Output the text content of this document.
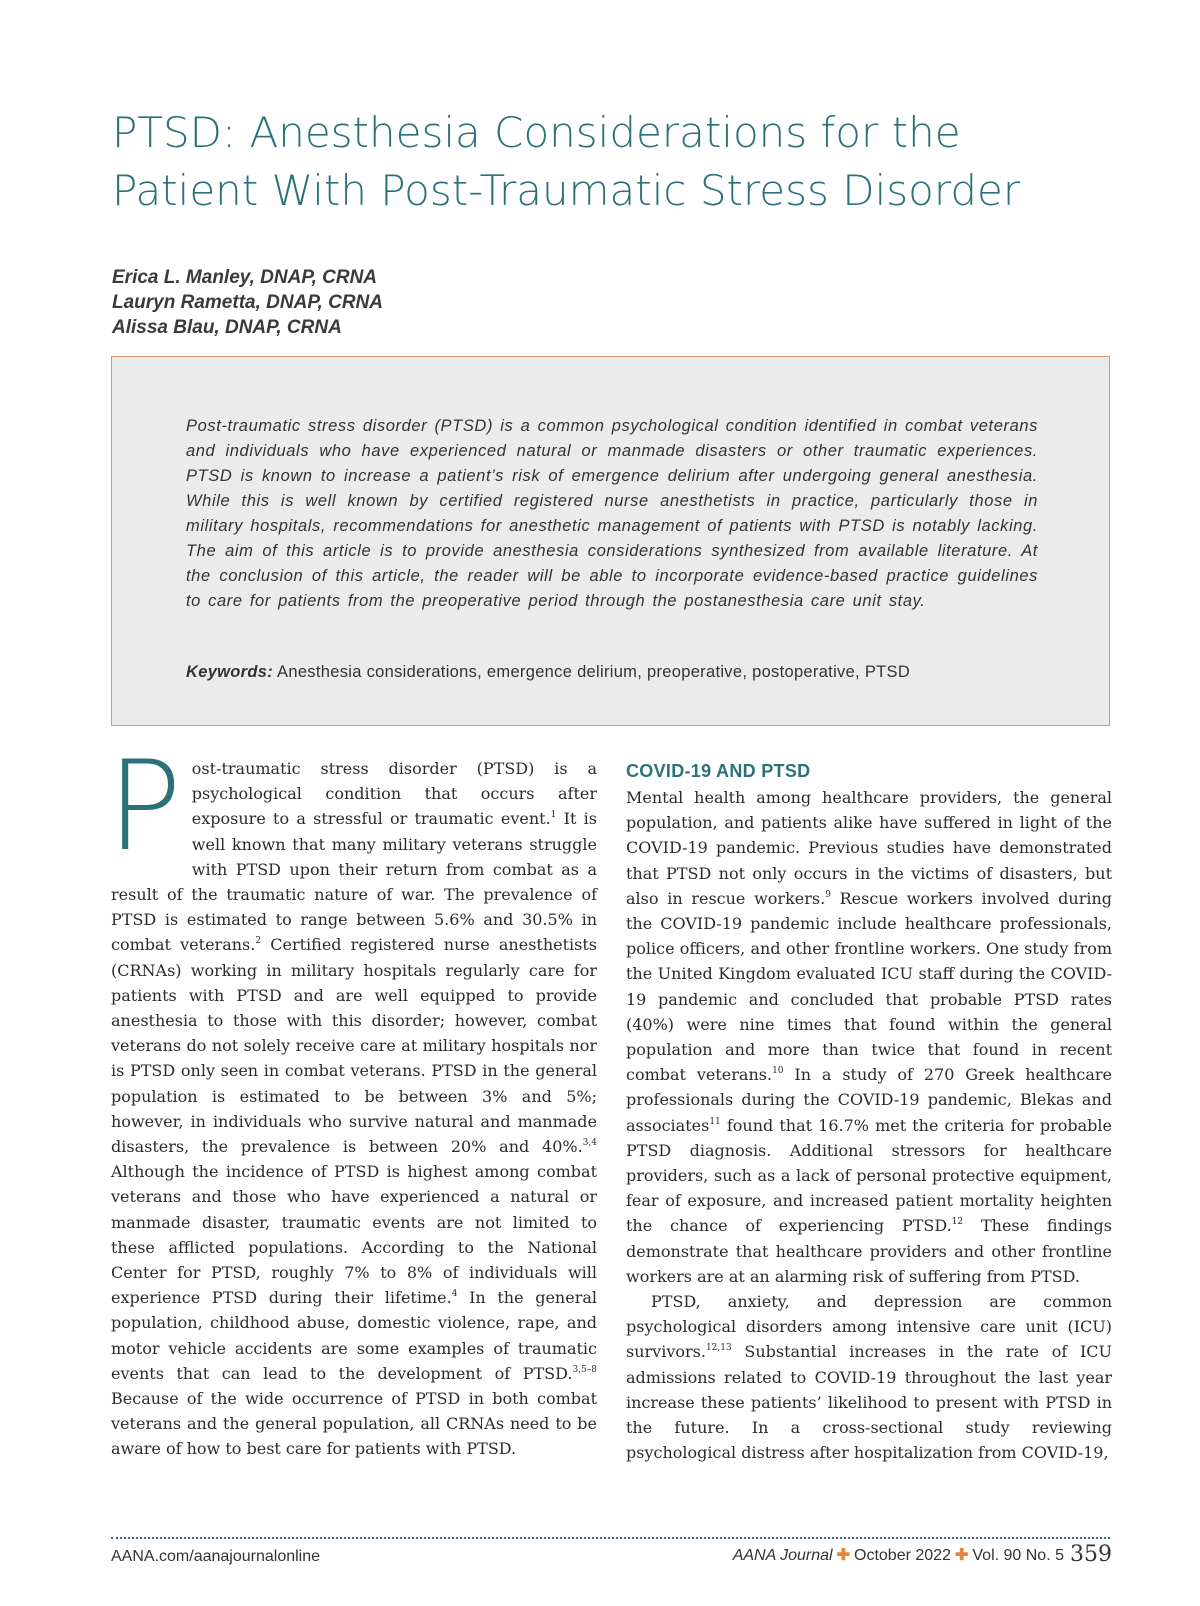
PTSD: Anesthesia Considerations for the
Patient With Post-Traumatic Stress Disorder
Erica L. Manley, DNAP, CRNA
Lauryn Rametta, DNAP, CRNA
Alissa Blau, DNAP, CRNA

Post-traumatic stress disorder (PTSD) is a common psychological condition identified in combat veterans and individuals who have experienced natural or manmade disasters or other traumatic experiences. PTSD is known to increase a patient’s risk of emergence delirium after undergoing general anesthesia. While this is well known by certified registered nurse anesthetists in practice, particularly those in military hospitals, recommendations for anesthetic management of patients with PTSD is notably lacking. The aim of this article is to provide anesthesia considerations synthesized from available literature. At the conclusion of this article, the reader will be able to incorporate evidence-based practice guidelines to care for patients from the preoperative period through the postanesthesia care unit stay.

Keywords: Anesthesia considerations, emergence delirium, preoperative, postoperative, PTSD

Post-traumatic stress disorder (PTSD) is a psychological condition that occurs after exposure to a stressful or traumatic event.$^1$ It is well known that many military veterans struggle with PTSD upon their return from combat as a result of the traumatic nature of war. The prevalence of PTSD is estimated to range between 5.6% and 30.5% in combat veterans.$^2$ Certified registered nurse anesthetists (CRNAs) working in military hospitals regularly care for patients with PTSD and are well equipped to provide anesthesia to those with this disorder; however, combat veterans do not solely receive care at military hospitals nor is PTSD only seen in combat veterans. PTSD in the general population is estimated to be between 3% and 5%; however, in individuals who survive natural and manmade disasters, the prevalence is between 20% and 40%.$^{3,4}$ Although the incidence of PTSD is highest among combat veterans and those who have experienced a natural or manmade disaster, traumatic events are not limited to these afflicted populations. According to the National Center for PTSD, roughly 7% to 8% of individuals will experience PTSD during their lifetime.$^4$ In the general population, childhood abuse, domestic violence, rape, and motor vehicle accidents are some examples of traumatic events that can lead to the development of PTSD.$^{3,5-8}$ Because of the wide occurrence of PTSD in both combat veterans and the general population, all CRNAs need to be aware of how to best care for patients with PTSD.

COVID-19 AND PTSD

Mental health among healthcare providers, the general population, and patients alike have suffered in light of the COVID-19 pandemic. Previous studies have demonstrated that PTSD not only occurs in the victims of disasters, but also in rescue workers.$^9$ Rescue workers involved during the COVID-19 pandemic include healthcare professionals, police officers, and other frontline workers. One study from the United Kingdom evaluated ICU staff during the COVID-19 pandemic and concluded that probable PTSD rates (40%) were nine times that found within the general population and more than twice that found in recent combat veterans.$^{10}$ In a study of 270 Greek healthcare professionals during the COVID-19 pandemic, Blekas and associates$^{11}$ found that 16.7% met the criteria for probable PTSD diagnosis. Additional stressors for healthcare providers, such as a lack of personal protective equipment, fear of exposure, and increased patient mortality heighten the chance of experiencing PTSD.$^{12}$ These findings demonstrate that healthcare providers and other frontline workers are at an alarming risk of suffering from PTSD.

PTSD, anxiety, and depression are common psychological disorders among intensive care unit (ICU) survivors.$^{12,13}$ Substantial increases in the rate of ICU admissions related to COVID-19 throughout the last year increase these patients’ likelihood to present with PTSD in the future. In a cross-sectional study reviewing psychological distress after hospitalization from COVID-19,

AANA.com/aanajournalonline	AANA Journal ✚ October 2022 ✚ Vol. 90 No. 5 359
